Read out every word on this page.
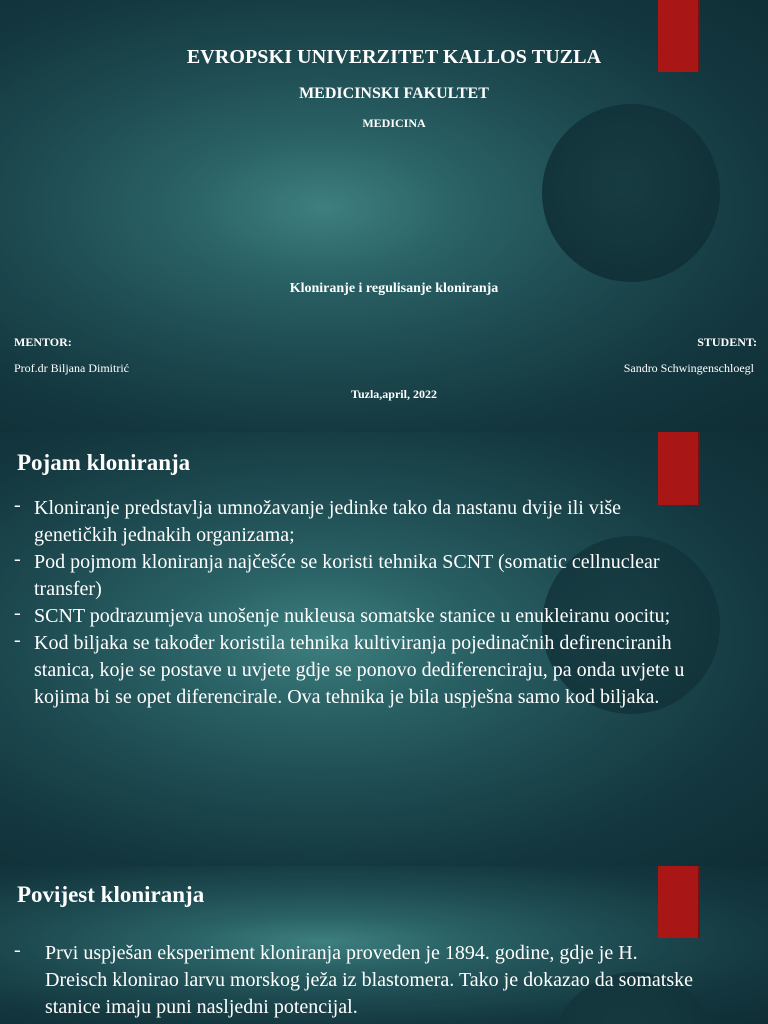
EVROPSKI UNIVERZITET KALLOS TUZLA
MEDICINSKI FAKULTET
MEDICINA
Kloniranje i regulisanje kloniranja
MENTOR:
Prof.dr Biljana Dimitrić
STUDENT:
Sandro Schwingenschloegl
Tuzla,april, 2022
Pojam kloniranja
- Kloniranje predstavlja umnožavanje jedinke tako da nastanu dvije ili više genetičkih jednakih organizama;
- Pod pojmom kloniranja najčešće se koristi tehnika SCNT (somatic cellnuclear transfer)
- SCNT podrazumjeva unošenje nukleusa somatske stanice u enukleiranu oocitu;
- Kod biljaka se također koristila tehnika kultiviranja pojedinačnih defirenciranih stanica, koje se postave u uvjete gdje se ponovo dediferenciraju, pa onda uvjete u kojima bi se opet diferencirale. Ova tehnika je bila uspješna samo kod biljaka.
Povijest kloniranja
- Prvi uspješan eksperiment kloniranja proveden je 1894. godine, gdje je H. Dreisch klonirao larvu morskog ježa iz blastomera. Tako je dokazao da somatske stanice imaju puni nasljedni potencijal.
